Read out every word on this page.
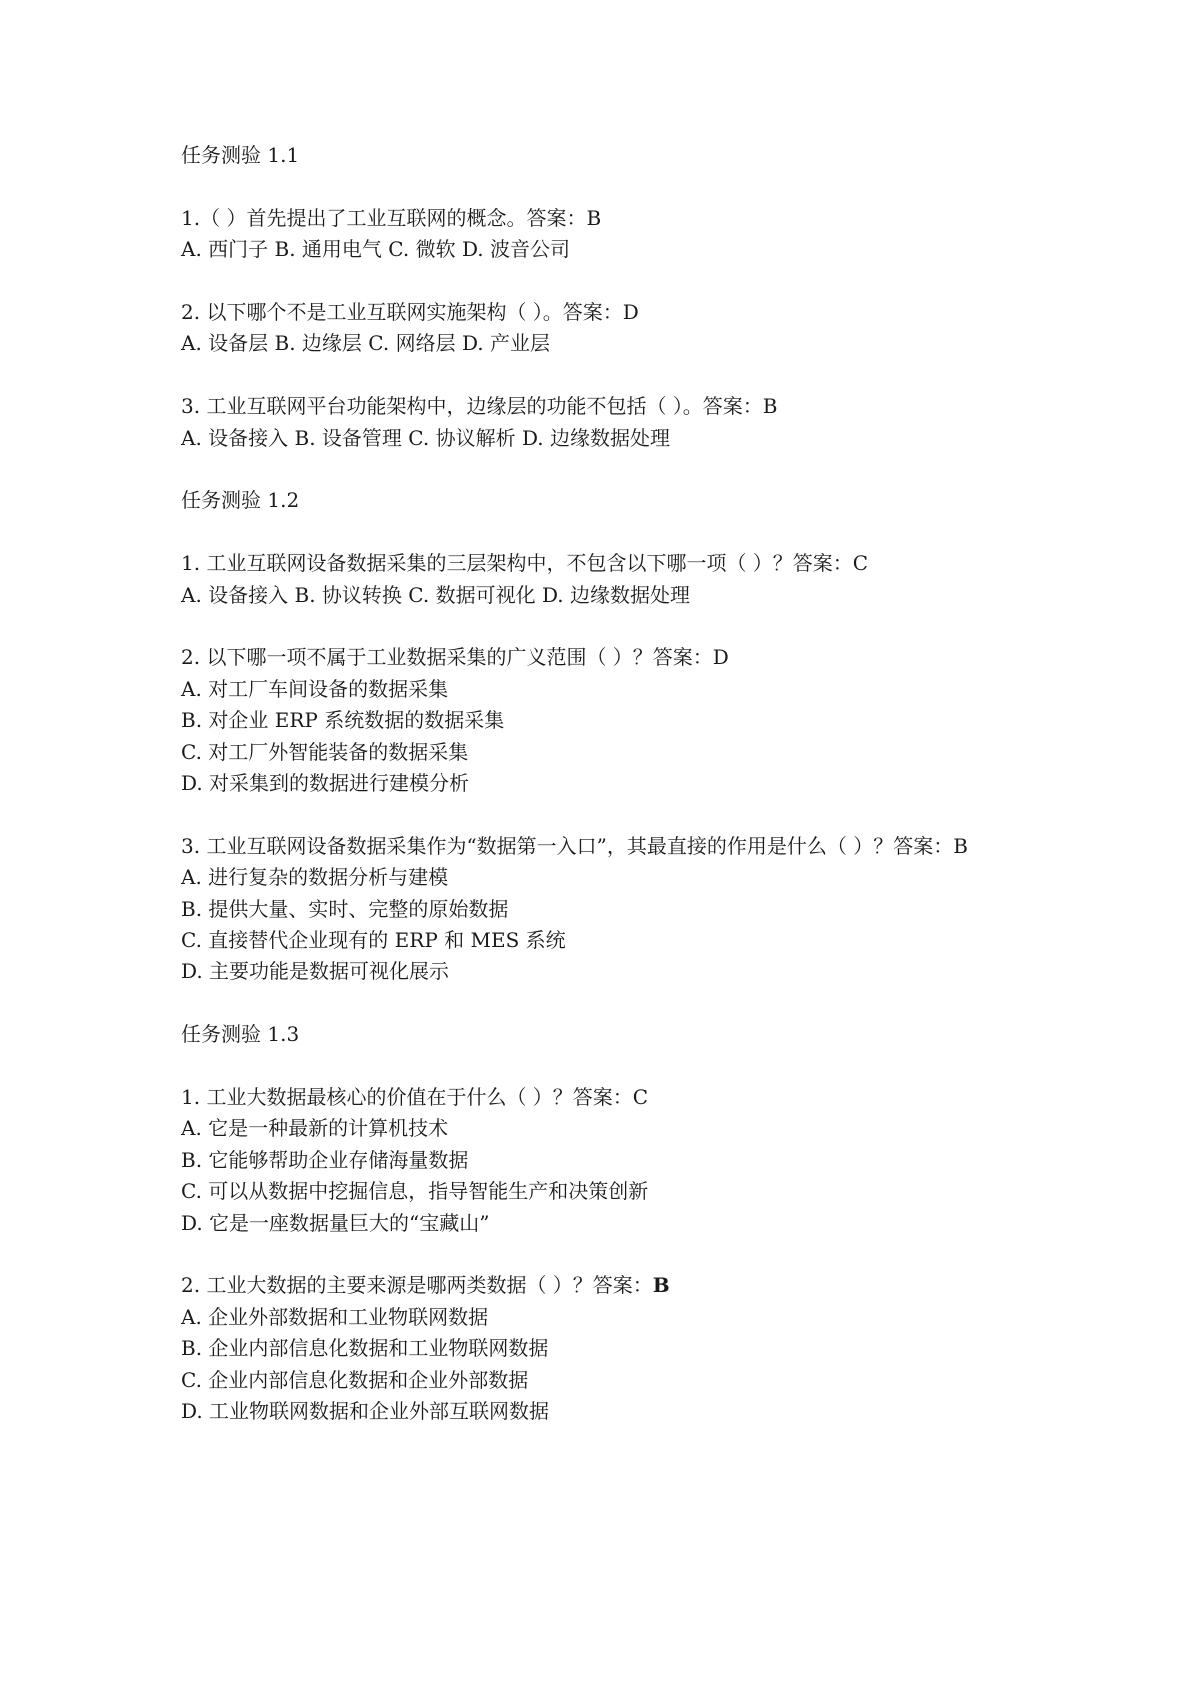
任务测验 1.1
1.（ ）首先提出了工业互联网的概念。答案：B
A. 西门子 B. 通用电气 C. 微软 D. 波音公司
2. 以下哪个不是工业互联网实施架构（ ）。答案：D
A. 设备层 B. 边缘层 C. 网络层 D. 产业层
3. 工业互联网平台功能架构中，边缘层的功能不包括（ ）。答案：B
A. 设备接入 B. 设备管理 C. 协议解析 D. 边缘数据处理
任务测验 1.2
1. 工业互联网设备数据采集的三层架构中，不包含以下哪一项（ ）？答案：C
A. 设备接入 B. 协议转换 C. 数据可视化 D. 边缘数据处理
2. 以下哪一项不属于工业数据采集的广义范围（ ）？答案：D
A. 对工厂车间设备的数据采集
B. 对企业 ERP 系统数据的数据采集
C. 对工厂外智能装备的数据采集
D. 对采集到的数据进行建模分析
3. 工业互联网设备数据采集作为“数据第一入口”，其最直接的作用是什么（ ）？答案：B
A. 进行复杂的数据分析与建模
B. 提供大量、实时、完整的原始数据
C. 直接替代企业现有的 ERP 和 MES 系统
D. 主要功能是数据可视化展示
任务测验 1.3
1. 工业大数据最核心的价值在于什么（ ）？答案：C
A. 它是一种最新的计算机技术
B. 它能够帮助企业存储海量数据
C. 可以从数据中挖掘信息，指导智能生产和决策创新
D. 它是一座数据量巨大的“宝藏山”
2. 工业大数据的主要来源是哪两类数据（ ）？答案：B
A. 企业外部数据和工业物联网数据
B. 企业内部信息化数据和工业物联网数据
C. 企业内部信息化数据和企业外部数据
D. 工业物联网数据和企业外部互联网数据
